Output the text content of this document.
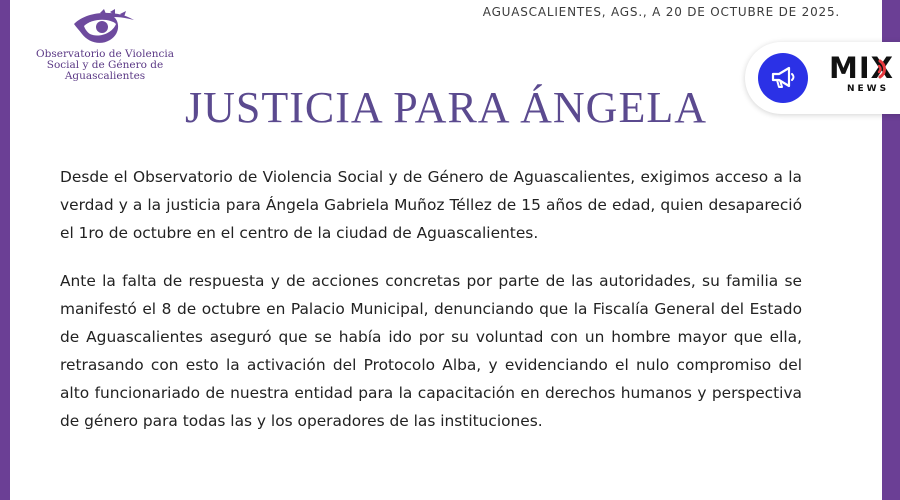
Observatorio de Violencia
Social y de Género de
Aguascalientes
AGUASCALIENTES, AGS., A 20 DE OCTUBRE DE 2025.
JUSTICIA PARA ÁNGELA

Desde el Observatorio de Violencia Social y de Género de Aguascalientes, exigimos acceso a la verdad y a la justicia para Ángela Gabriela Muñoz Téllez de 15 años de edad, quien desapareció el 1ro de octubre en el centro de la ciudad de Aguascalientes.

Ante la falta de respuesta y de acciones concretas por parte de las autoridades, su familia se manifestó el 8 de octubre en Palacio Municipal, denunciando que la Fiscalía General del Estado de Aguascalientes aseguró que se había ido por su voluntad con un hombre mayor que ella, retrasando con esto la activación del Protocolo Alba, y evidenciando el nulo compromiso del alto funcionariado de nuestra entidad para la capacitación en derechos humanos y perspectiva de género para todas las y los operadores de las instituciones.

MIX
NEWS
